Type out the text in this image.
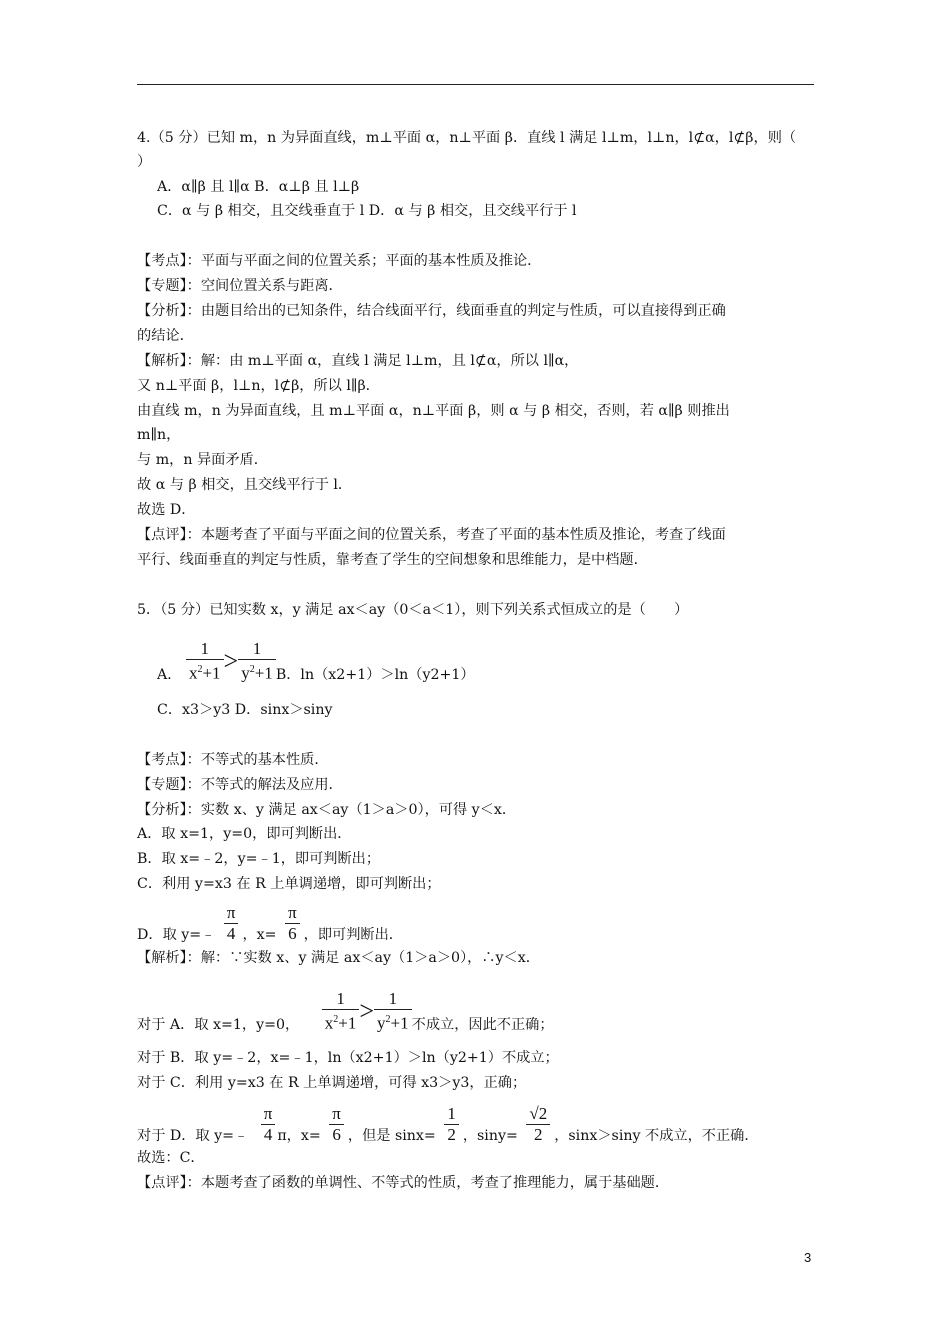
4.（5 分）已知 m，n 为异面直线，m⊥平面 α，n⊥平面 β．直线 l 满足 l⊥m，l⊥n，l⊄α，l⊄β，则（
）
A．α∥β 且 l∥α B．α⊥β 且 l⊥β
C．α 与 β 相交，且交线垂直于 l D．α 与 β 相交，且交线平行于 l
【考点】：平面与平面之间的位置关系；平面的基本性质及推论．
【专题】：空间位置关系与距离．
【分析】：由题目给出的已知条件，结合线面平行，线面垂直的判定与性质，可以直接得到正确
的结论．
【解析】：解：由 m⊥平面 α，直线 l 满足 l⊥m，且 l⊄α，所以 l∥α，
又 n⊥平面 β，l⊥n，l⊄β，所以 l∥β．
由直线 m，n 为异面直线，且 m⊥平面 α，n⊥平面 β，则 α 与 β 相交，否则，若 α∥β 则推出
m∥n，
与 m，n 异面矛盾．
故 α 与 β 相交，且交线平行于 l．
故选 D．
【点评】：本题考查了平面与平面之间的位置关系，考查了平面的基本性质及推论，考查了线面
平行、线面垂直的判定与性质，靠考查了学生的空间想象和思维能力，是中档题．
5．（5 分）已知实数 x，y 满足 ax＜ay（0＜a＜1），则下列关系式恒成立的是（　　）
A． $\frac{1}{x^2+1} > \frac{1}{y^2+1}$ B．ln（x2+1）＞ln（y2+1）
C．x3＞y3 D．sinx＞siny
【考点】：不等式的基本性质．
【专题】：不等式的解法及应用．
【分析】：实数 x、y 满足 ax＜ay（1＞a＞0），可得 y＜x．
A．取 x=1，y=0，即可判断出．
B．取 x=﹣2，y=﹣1，即可判断出；
C．利用 y=x3 在 R 上单调递增，即可判断出；
D．取 y=﹣ $\frac{\pi}{4}$ ，$x= \frac{\pi}{6}$ ，即可判断出．
【解析】：解：∵实数 x、y 满足 ax＜ay（1＞a＞0），∴y＜x．
对于 A．取 x=1，y=0， $\frac{1}{x^2+1} > \frac{1}{y^2+1}$ 不成立，因此不正确；
对于 B．取 y=﹣2，x=﹣1，ln（x2+1）＞ln（y2+1）不成立；
对于 C．利用 y=x3 在 R 上单调递增，可得 x3＞y3，正确；
对于 D．取 y=﹣ $\frac{\pi}{4}$ π，$x= \frac{\pi}{6}$ ，但是 $\sin x= \frac{1}{2}$ ，$\sin y= \frac{√2}{2}$ ，sinx＞siny 不成立，不正确．
故选：C．
【点评】：本题考查了函数的单调性、不等式的性质，考查了推理能力，属于基础题．
3
